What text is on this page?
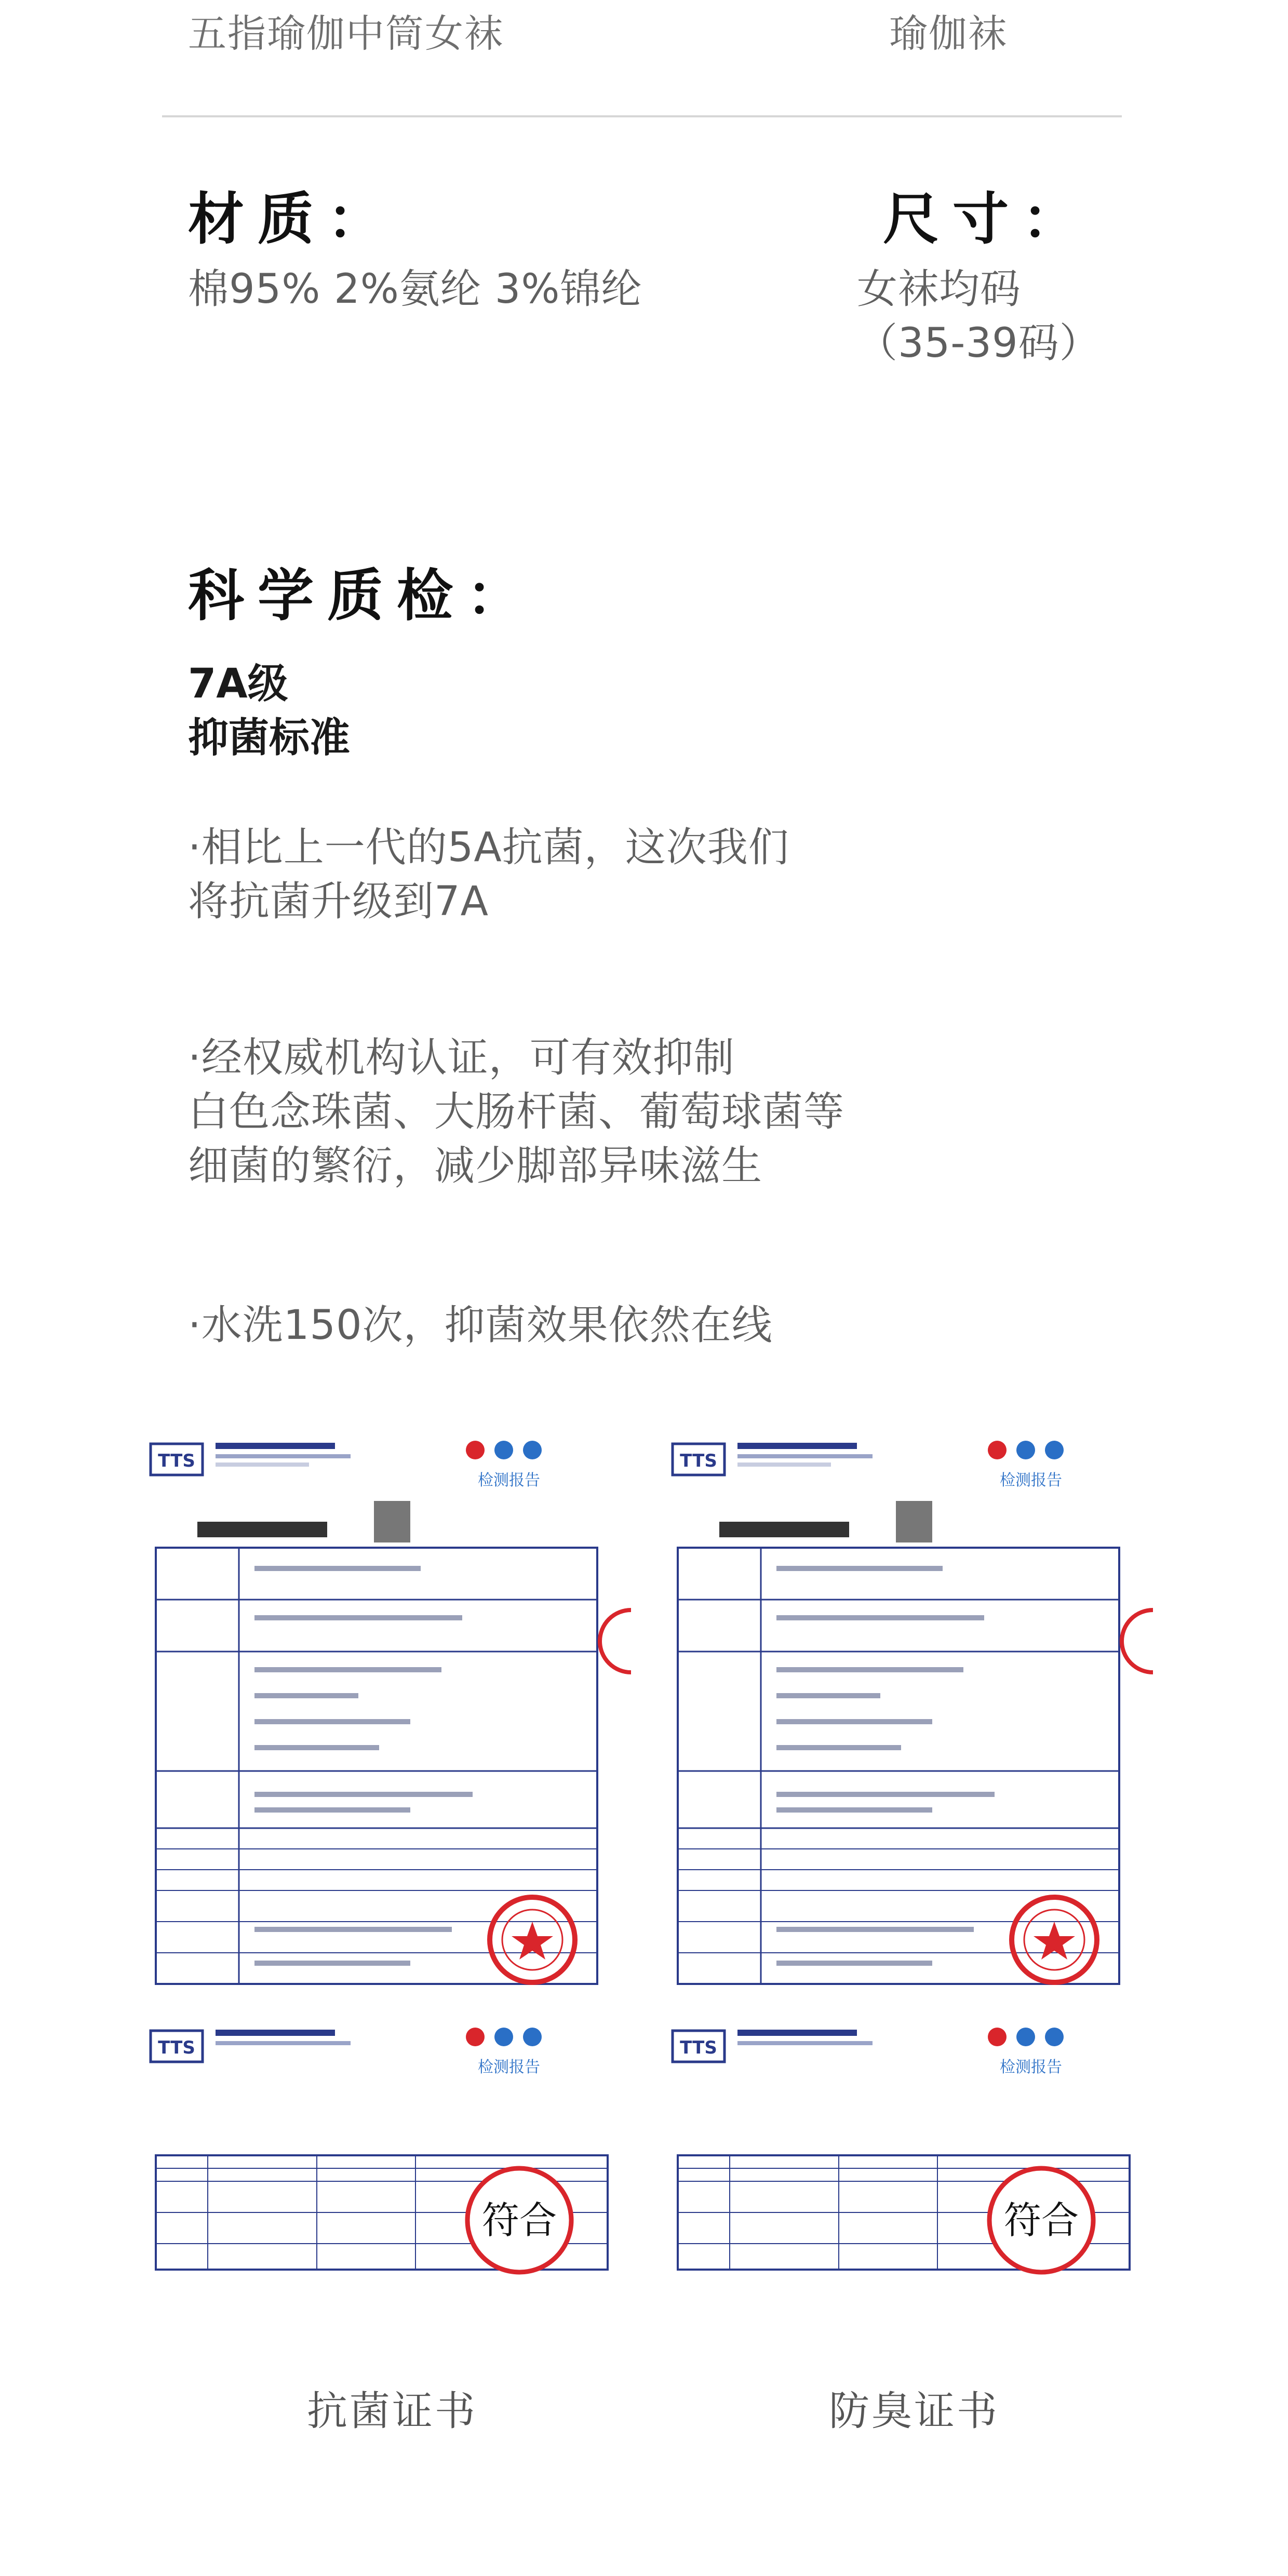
五指瑜伽中筒女袜	瑜伽袜
材质：
棉95% 2%氨纶 3%锦纶
尺寸：
女袜均码
（35-39码）
科学质检：
7A级
抑菌标准
·相比上一代的5A抗菌，这次我们
将抗菌升级到7A
·经权威机构认证，可有效抑制
白色念珠菌、大肠杆菌、葡萄球菌等
细菌的繁衍，减少脚部异味滋生
·水洗150次，抑菌效果依然在线
TTS
检测报告
TTS
检测报告
TTS
检测报告
符合
TTS
检测报告
符合
抗菌证书	防臭证书
